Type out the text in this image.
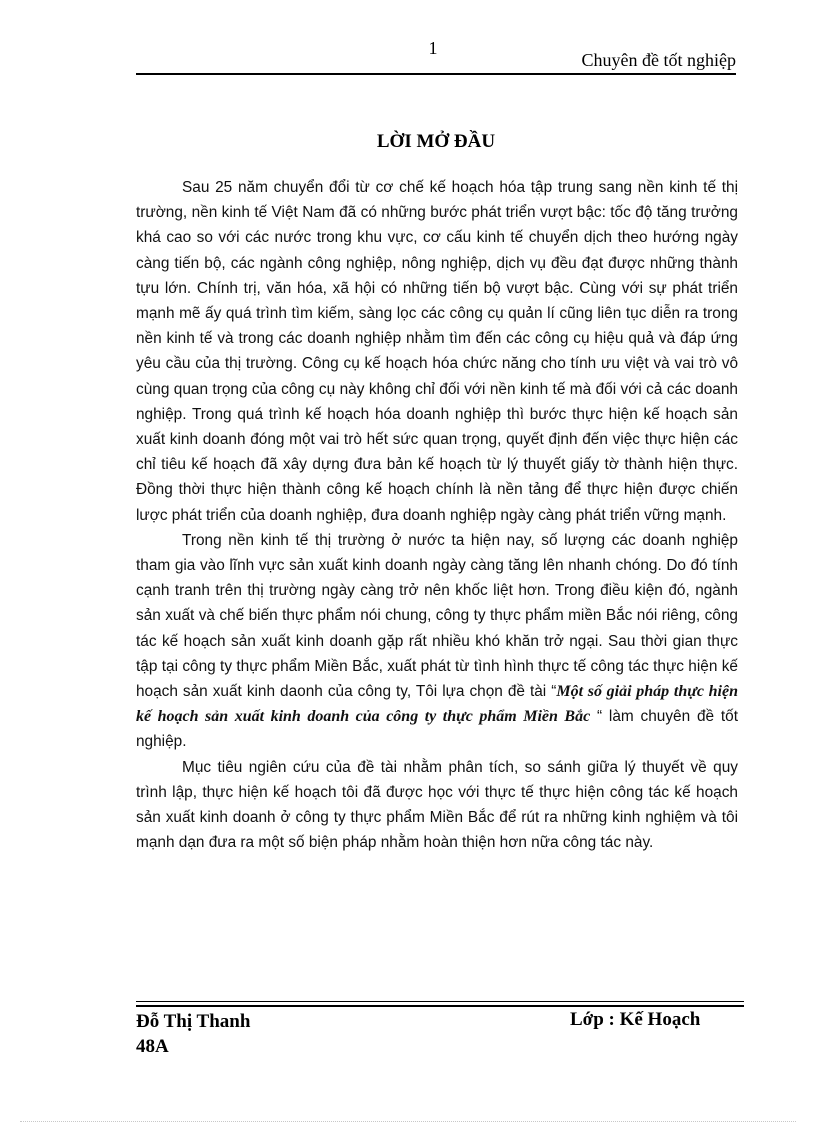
1
Chuyên đề tốt nghiệp
LỜI MỞ ĐẦU

Sau 25 năm chuyển đổi từ cơ chế kế hoạch hóa tập trung sang nền kinh tế thị trường, nền kinh tế Việt Nam đã có những bước phát triển vượt bậc: tốc độ tăng trưởng khá cao so với các nước trong khu vực, cơ cấu kinh tế chuyển dịch theo hướng ngày càng tiến bộ, các ngành công nghiệp, nông nghiệp, dịch vụ đều đạt được những thành tựu lớn. Chính trị, văn hóa, xã hội có những tiến bộ vượt bậc. Cùng với sự phát triển mạnh mẽ ấy quá trình tìm kiếm, sàng lọc các công cụ quản lí cũng liên tục diễn ra trong nền kinh tế và trong các doanh nghiệp nhằm tìm đến các công cụ hiệu quả và đáp ứng yêu cầu của thị trường. Công cụ kế hoạch hóa chức năng cho tính ưu việt và vai trò vô cùng quan trọng của công cụ này không chỉ đối với nền kinh tế mà đối với cả các doanh nghiệp. Trong quá trình kế hoạch hóa doanh nghiệp thì bước thực hiện kế hoạch sản xuất kinh doanh đóng một vai trò hết sức quan trọng, quyết định đến việc thực hiện các chỉ tiêu kế hoạch đã xây dựng đưa bản kế hoạch từ lý thuyết giấy tờ thành hiện thực. Đồng thời thực hiện thành công kế hoạch chính là nền tảng để thực hiện được chiến lược phát triển của doanh nghiệp, đưa doanh nghiệp ngày càng phát triển vững mạnh.

Trong nền kinh tế thị trường ở nước ta hiện nay, số lượng các doanh nghiệp tham gia vào lĩnh vực sản xuất kinh doanh ngày càng tăng lên nhanh chóng. Do đó tính cạnh tranh trên thị trường ngày càng trở nên khốc liệt hơn. Trong điều kiện đó, ngành sản xuất và chế biến thực phẩm nói chung, công ty thực phẩm miền Bắc nói riêng, công tác kế hoạch sản xuất kinh doanh gặp rất nhiều khó khăn trở ngại. Sau thời gian thực tập tại công ty thực phẩm Miền Bắc, xuất phát từ tình hình thực tế công tác thực hiện kế hoạch sản xuất kinh daonh của công ty, Tôi lựa chọn đề tài “Một số giải pháp thực hiện kế hoạch sản xuất kinh doanh của công ty thực phẩm Miền Bắc “ làm chuyên đề tốt nghiệp.

Mục tiêu ngiên cứu của đề tài nhằm phân tích, so sánh giữa lý thuyết về quy trình lập, thực hiện kế hoạch tôi đã được học với thực tế thực hiện công tác kế hoạch sản xuất kinh doanh ở công ty thực phẩm Miền Bắc để rút ra những kinh nghiệm và tôi mạnh dạn đưa ra một số biện pháp nhằm hoàn thiện hơn nữa công tác này.

Đỗ Thị Thanh
48A
Lớp : Kế Hoạch
